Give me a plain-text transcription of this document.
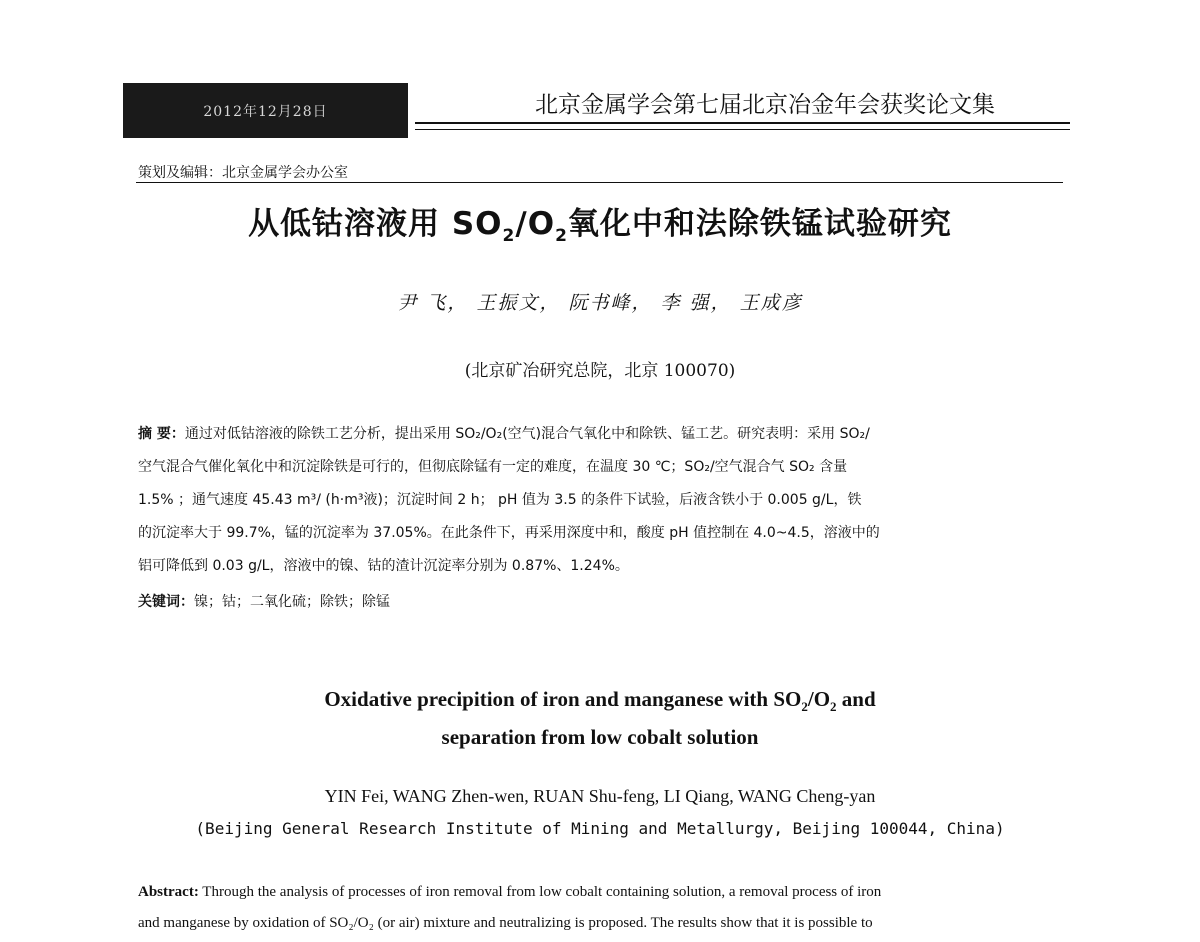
2012年12月28日	北京金属学会第七届北京冶金年会获奖论文集
策划及编辑：北京金属学会办公室
从低钴溶液用 $SO_2/O_2$氧化中和法除铁锰试验研究
尹 飞， 王振文， 阮书峰， 李 强， 王成彦
(北京矿冶研究总院，北京 100070)
摘 要：通过对低钴溶液的除铁工艺分析，提出采用 SO₂/O₂(空气)混合气氧化中和除铁、锰工艺。研究表明：采用 SO₂/
空气混合气催化氧化中和沉淀除铁是可行的，但彻底除锰有一定的难度，在温度 30 ℃；SO₂/空气混合气 SO₂ 含量
1.5% ；通气速度 45.43 m³/ (h·m³液)；沉淀时间 2 h； pH 值为 3.5 的条件下试验，后液含铁小于 0.005 g/L，铁
的沉淀率大于 99.7%，锰的沉淀率为 37.05%。在此条件下，再采用深度中和，酸度 pH 值控制在 4.0~4.5，溶液中的
铝可降低到 0.03 g/L，溶液中的镍、钴的渣计沉淀率分别为 0.87%、1.24%。
关键词：镍；钴；二氧化硫；除铁；除锰
Oxidative precipition of iron and manganese with $SO_2/O_2$ and
separation from low cobalt solution
YIN Fei, WANG Zhen-wen, RUAN Shu-feng, LI Qiang, WANG Cheng-yan
(Beijing General Research Institute of Mining and Metallurgy, Beijing 100044, China)
Abstract: Through the analysis of processes of iron removal from low cobalt containing solution, a removal process of iron
and manganese by oxidation of SO₂/O₂ (or air) mixture and neutralizing is proposed. The results show that it is possible to
